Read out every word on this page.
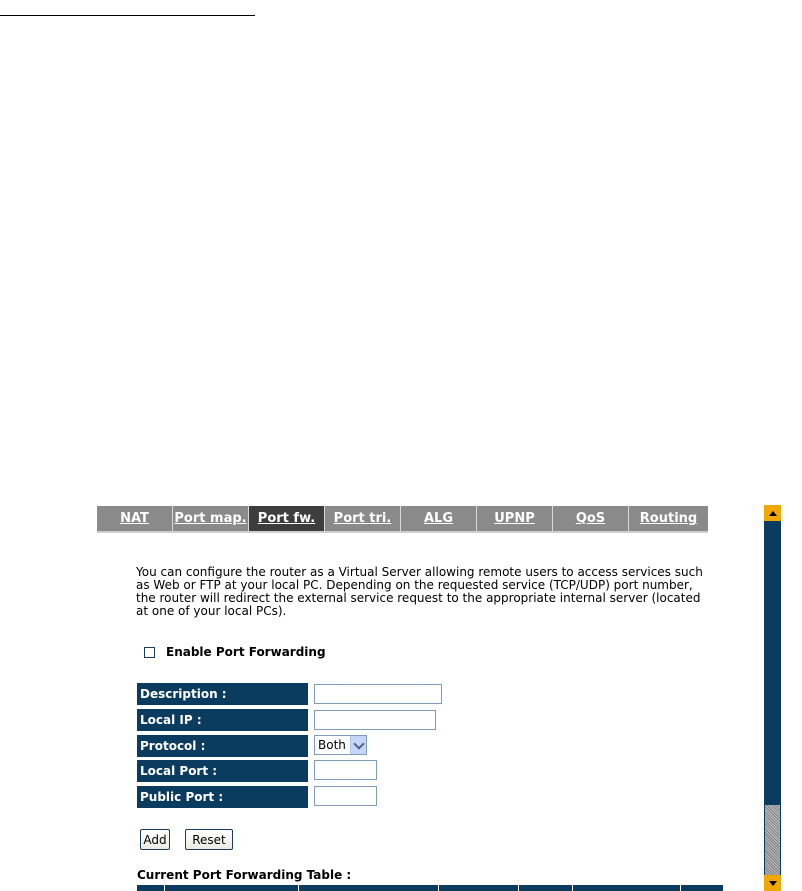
NAT	Port map. Port fw.	Port tri.	ALG	UPNP	QoS	Routing
You can configure the router as a Virtual Server allowing remote users to access services such
as Web or FTP at your local PC. Depending on the requested service (TCP/UDP) port number,
the router will redirect the external service request to the appropriate internal server (located
at one of your local PCs).
Enable Port Forwarding
Description :
Local IP :
Protocol :	Both
Local Port :
Public Port :
Add	Reset
Current Port Forwarding Table :
